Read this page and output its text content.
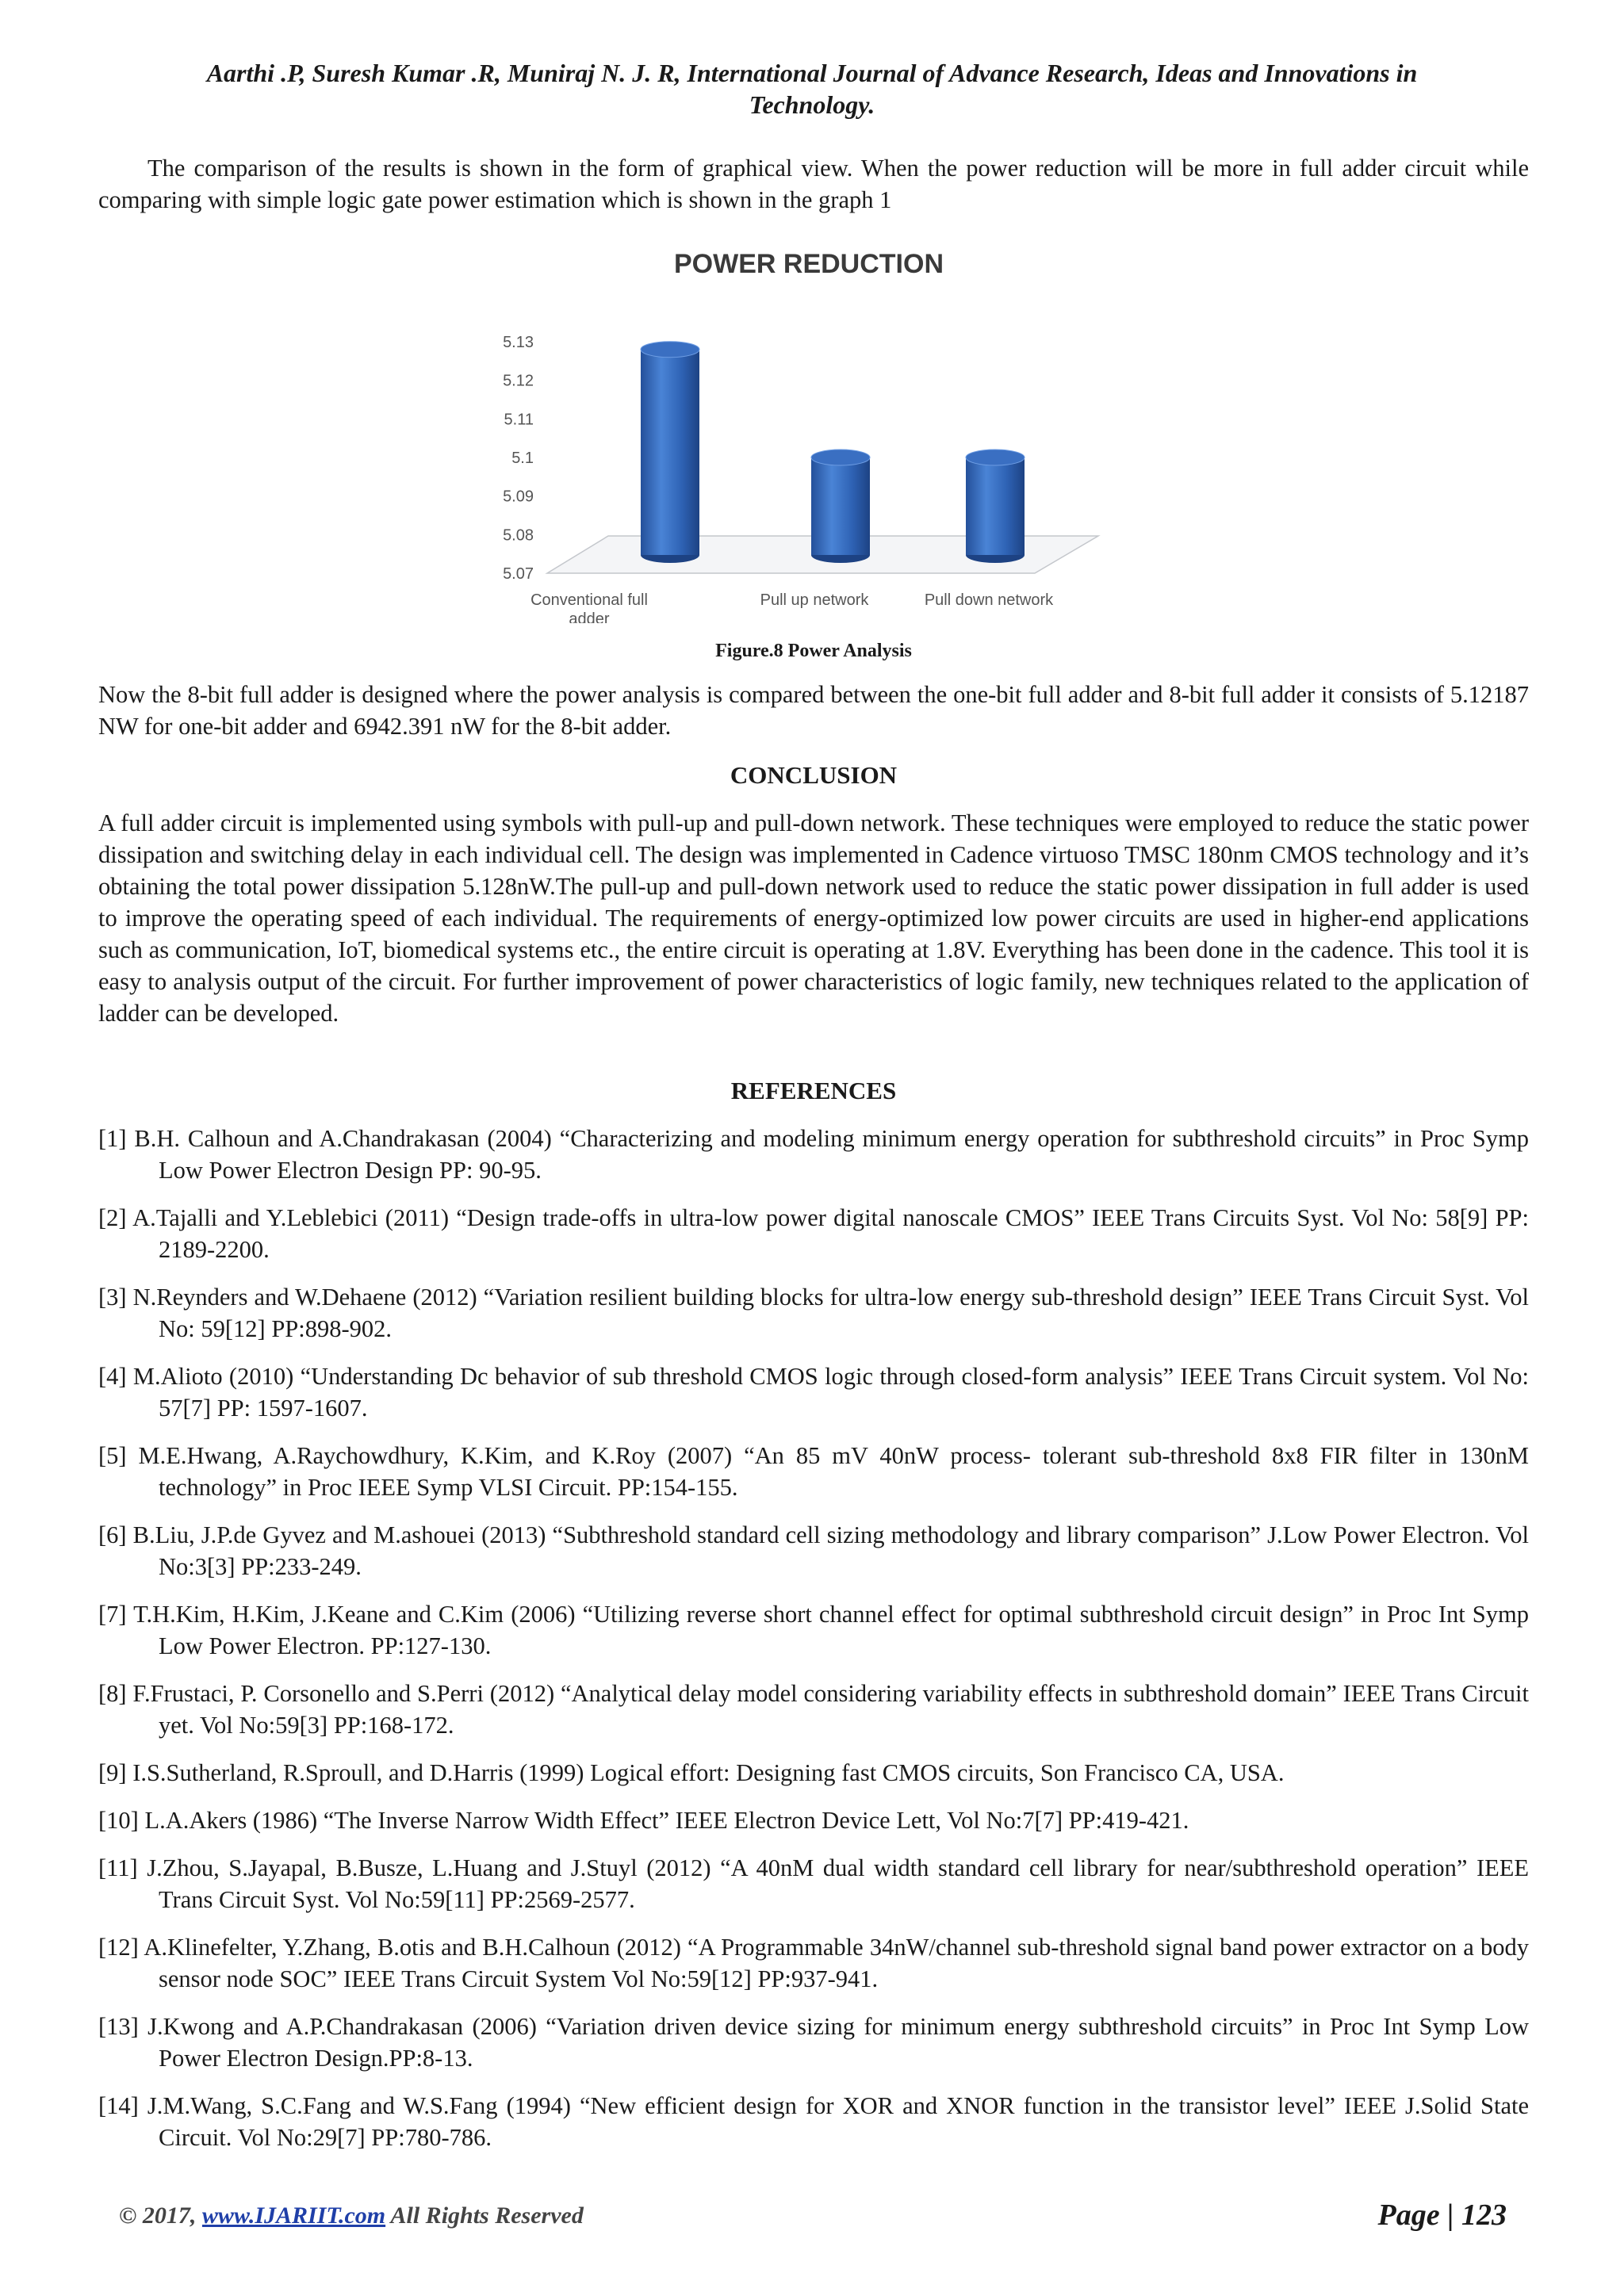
Aarthi .P, Suresh Kumar .R, Muniraj N. J. R, International Journal of Advance Research, Ideas and Innovations in
Technology.

The comparison of the results is shown in the form of graphical view. When the power reduction will be more in full adder circuit while comparing with simple logic gate power estimation which is shown in the graph 1

POWER REDUCTION
5.13
5.12
5.11
5.1
5.09
5.08
5.07
Conventional full adder
Pull up network	Pull down network
Figure.8 Power Analysis

Now the 8-bit full adder is designed where the power analysis is compared between the one-bit full adder and 8-bit full adder it consists of 5.12187 NW for one-bit adder and 6942.391 nW for the 8-bit adder.

CONCLUSION

A full adder circuit is implemented using symbols with pull-up and pull-down network. These techniques were employed to reduce the static power dissipation and switching delay in each individual cell. The design was implemented in Cadence virtuoso TMSC 180nm CMOS technology and it’s obtaining the total power dissipation 5.128nW.The pull-up and pull-down network used to reduce the static power dissipation in full adder is used to improve the operating speed of each individual. The requirements of energy-optimized low power circuits are used in higher-end applications such as communication, IoT, biomedical systems etc., the entire circuit is operating at 1.8V. Everything has been done in the cadence. This tool it is easy to analysis output of the circuit. For further improvement of power characteristics of logic family, new techniques related to the application of ladder can be developed.

REFERENCES

[1] B.H. Calhoun and A.Chandrakasan (2004) “Characterizing and modeling minimum energy operation for subthreshold circuits” in Proc Symp Low Power Electron Design PP: 90-95.

[2] A.Tajalli and Y.Leblebici (2011) “Design trade-offs in ultra-low power digital nanoscale CMOS” IEEE Trans Circuits Syst. Vol No: 58[9] PP: 2189-2200.

[3] N.Reynders and W.Dehaene (2012) “Variation resilient building blocks for ultra-low energy sub-threshold design” IEEE Trans Circuit Syst. Vol No: 59[12] PP:898-902.

[4] M.Alioto (2010) “Understanding Dc behavior of sub threshold CMOS logic through closed-form analysis” IEEE Trans Circuit system. Vol No: 57[7] PP: 1597-1607.

[5] M.E.Hwang, A.Raychowdhury, K.Kim, and K.Roy (2007) “An 85 mV 40nW process- tolerant sub-threshold 8x8 FIR filter in 130nM technology” in Proc IEEE Symp VLSI Circuit. PP:154-155.

[6] B.Liu, J.P.de Gyvez and M.ashouei (2013) “Subthreshold standard cell sizing methodology and library comparison” J.Low Power Electron. Vol No:3[3] PP:233-249.

[7] T.H.Kim, H.Kim, J.Keane and C.Kim (2006) “Utilizing reverse short channel effect for optimal subthreshold circuit design” in Proc Int Symp Low Power Electron. PP:127-130.

[8] F.Frustaci, P. Corsonello and S.Perri (2012) “Analytical delay model considering variability effects in subthreshold domain” IEEE Trans Circuit yet. Vol No:59[3] PP:168-172.

[9] I.S.Sutherland, R.Sproull, and D.Harris (1999) Logical effort: Designing fast CMOS circuits, Son Francisco CA, USA.

[10] L.A.Akers (1986) “The Inverse Narrow Width Effect” IEEE Electron Device Lett, Vol No:7[7] PP:419-421.

[11] J.Zhou, S.Jayapal, B.Busze, L.Huang and J.Stuyl (2012) “A 40nM dual width standard cell library for near/subthreshold operation” IEEE Trans Circuit Syst. Vol No:59[11] PP:2569-2577.

[12] A.Klinefelter, Y.Zhang, B.otis and B.H.Calhoun (2012) “A Programmable 34nW/channel sub-threshold signal band power extractor on a body sensor node SOC” IEEE Trans Circuit System Vol No:59[12] PP:937-941.

[13] J.Kwong and A.P.Chandrakasan (2006) “Variation driven device sizing for minimum energy subthreshold circuits” in Proc Int Symp Low Power Electron Design.PP:8-13.

[14] J.M.Wang, S.C.Fang and W.S.Fang (1994) “New efficient design for XOR and XNOR function in the transistor level” IEEE J.Solid State Circuit. Vol No:29[7] PP:780-786.

© 2017, www.IJARIIT.com All Rights Reserved	Page | 123
